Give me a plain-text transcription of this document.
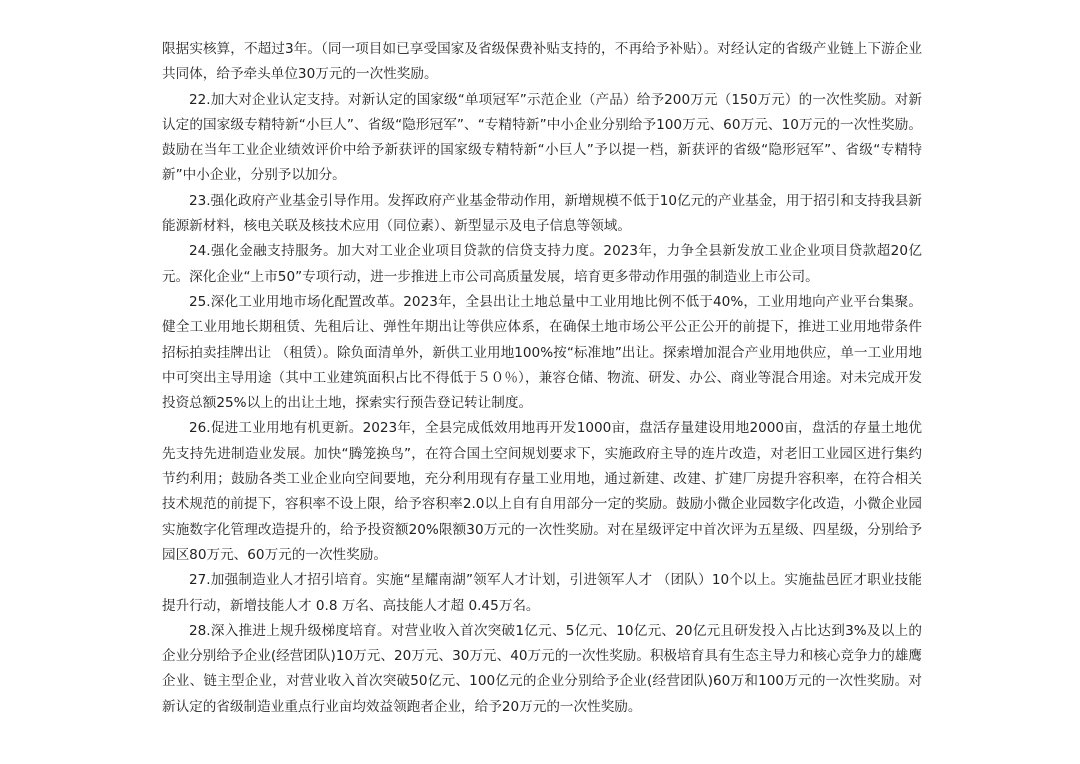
限据实核算，不超过3年。（同一项目如已享受国家及省级保费补贴支持的，不再给予补贴）。对经认定的省级产业链上下游企业共同体，给予牵头单位30万元的一次性奖励。

22.加大对企业认定支持。对新认定的国家级“单项冠军”示范企业（产品）给予200万元（150万元）的一次性奖励。对新认定的国家级专精特新“小巨人”、省级“隐形冠军”、“专精特新”中小企业分别给予100万元、60万元、10万元的一次性奖励。鼓励在当年工业企业绩效评价中给予新获评的国家级专精特新“小巨人”予以提一档，新获评的省级“隐形冠军”、省级“专精特新”中小企业，分别予以加分。

23.强化政府产业基金引导作用。发挥政府产业基金带动作用，新增规模不低于10亿元的产业基金，用于招引和支持我县新能源新材料，核电关联及核技术应用（同位素）、新型显示及电子信息等领域。

24.强化金融支持服务。加大对工业企业项目贷款的信贷支持力度。2023年，力争全县新发放工业企业项目贷款超20亿元。深化企业“上市50”专项行动，进一步推进上市公司高质量发展，培育更多带动作用强的制造业上市公司。

25.深化工业用地市场化配置改革。2023年，全县出让土地总量中工业用地比例不低于40%，工业用地向产业平台集聚。健全工业用地长期租赁、先租后让、弹性年期出让等供应体系，在确保土地市场公平公正公开的前提下，推进工业用地带条件招标拍卖挂牌出让 （租赁）。除负面清单外，新供工业用地100%按“标准地”出让。探索增加混合产业用地供应，单一工业用地中可突出主导用途（其中工业建筑面积占比不得低于５０％），兼容仓储、物流、研发、办公、商业等混合用途。对未完成开发投资总额25%以上的出让土地，探索实行预告登记转让制度。

26.促进工业用地有机更新。2023年，全县完成低效用地再开发1000亩，盘活存量建设用地2000亩，盘活的存量土地优先支持先进制造业发展。加快“腾笼换鸟”，在符合国土空间规划要求下，实施政府主导的连片改造，对老旧工业园区进行集约节约利用；鼓励各类工业企业向空间要地，充分利用现有存量工业用地，通过新建、改建、扩建厂房提升容积率，在符合相关技术规范的前提下，容积率不设上限，给予容积率2.0以上自有自用部分一定的奖励。鼓励小微企业园数字化改造，小微企业园实施数字化管理改造提升的，给予投资额20%限额30万元的一次性奖励。对在星级评定中首次评为五星级、四星级，分别给予园区80万元、60万元的一次性奖励。

27.加强制造业人才招引培育。实施“星耀南湖”领军人才计划，引进领军人才 （团队）10个以上。实施盐邑匠才职业技能提升行动，新增技能人才 0.8 万名、高技能人才超 0.45万名。

28.深入推进上规升级梯度培育。对营业收入首次突破1亿元、5亿元、10亿元、20亿元且研发投入占比达到3%及以上的企业分别给予企业(经营团队)10万元、20万元、30万元、40万元的一次性奖励。积极培育具有生态主导力和核心竞争力的雄鹰企业、链主型企业，对营业收入首次突破50亿元、100亿元的企业分别给予企业(经营团队)60万和100万元的一次性奖励。对新认定的省级制造业重点行业亩均效益领跑者企业，给予20万元的一次性奖励。
